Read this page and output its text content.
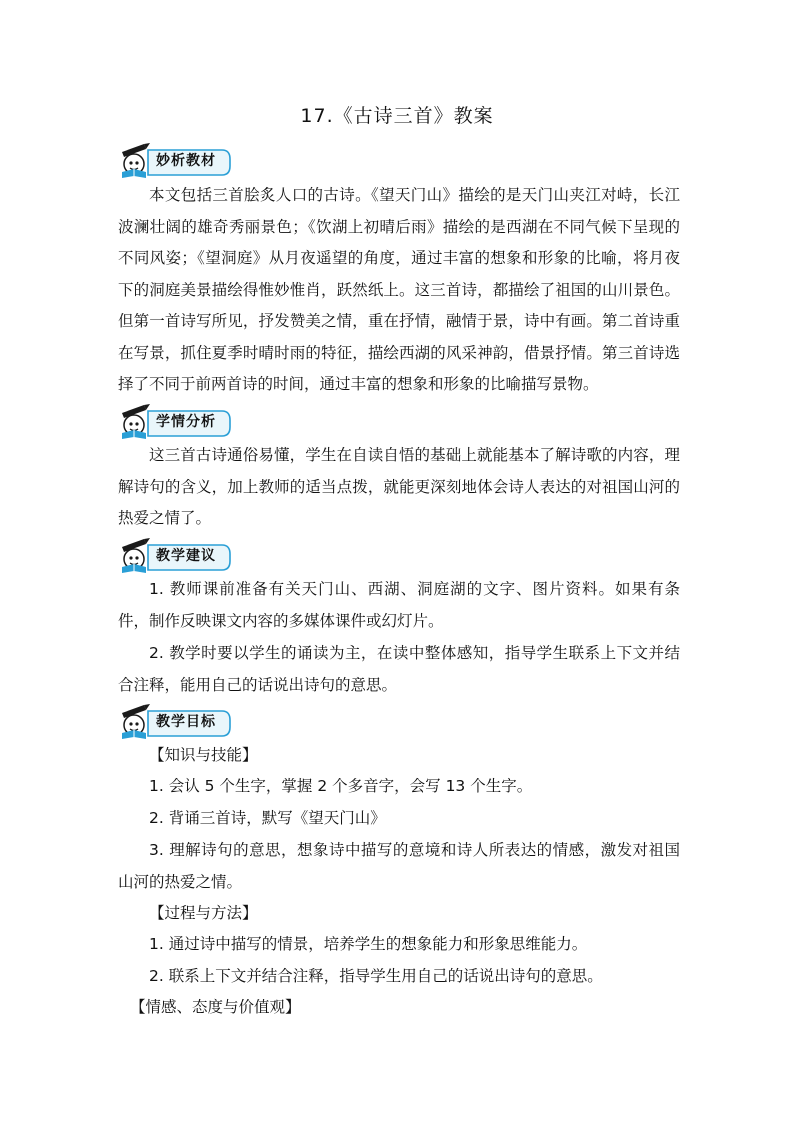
17.《古诗三首》教案
妙析教材
本文包括三首脍炙人口的古诗。《望天门山》描绘的是天门山夹江对峙，长江波澜壮阔的雄奇秀丽景色；《饮湖上初晴后雨》描绘的是西湖在不同气候下呈现的不同风姿；《望洞庭》从月夜遥望的角度，通过丰富的想象和形象的比喻，将月夜下的洞庭美景描绘得惟妙惟肖，跃然纸上。这三首诗，都描绘了祖国的山川景色。但第一首诗写所见，抒发赞美之情，重在抒情，融情于景，诗中有画。第二首诗重在写景，抓住夏季时晴时雨的特征，描绘西湖的风采神韵，借景抒情。第三首诗选择了不同于前两首诗的时间，通过丰富的想象和形象的比喻描写景物。
学情分析
这三首古诗通俗易懂，学生在自读自悟的基础上就能基本了解诗歌的内容，理解诗句的含义，加上教师的适当点拨，就能更深刻地体会诗人表达的对祖国山河的热爱之情了。
教学建议
1. 教师课前准备有关天门山、西湖、洞庭湖的文字、图片资料。如果有条件，制作反映课文内容的多媒体课件或幻灯片。
2. 教学时要以学生的诵读为主，在读中整体感知，指导学生联系上下文并结合注释，能用自己的话说出诗句的意思。
教学目标
【知识与技能】
1. 会认 5 个生字，掌握 2 个多音字，会写 13 个生字。
2. 背诵三首诗，默写《望天门山》
3. 理解诗句的意思，想象诗中描写的意境和诗人所表达的情感，激发对祖国山河的热爱之情。
【过程与方法】
1. 通过诗中描写的情景，培养学生的想象能力和形象思维能力。
2. 联系上下文并结合注释，指导学生用自己的话说出诗句的意思。
【情感、态度与价值观】
